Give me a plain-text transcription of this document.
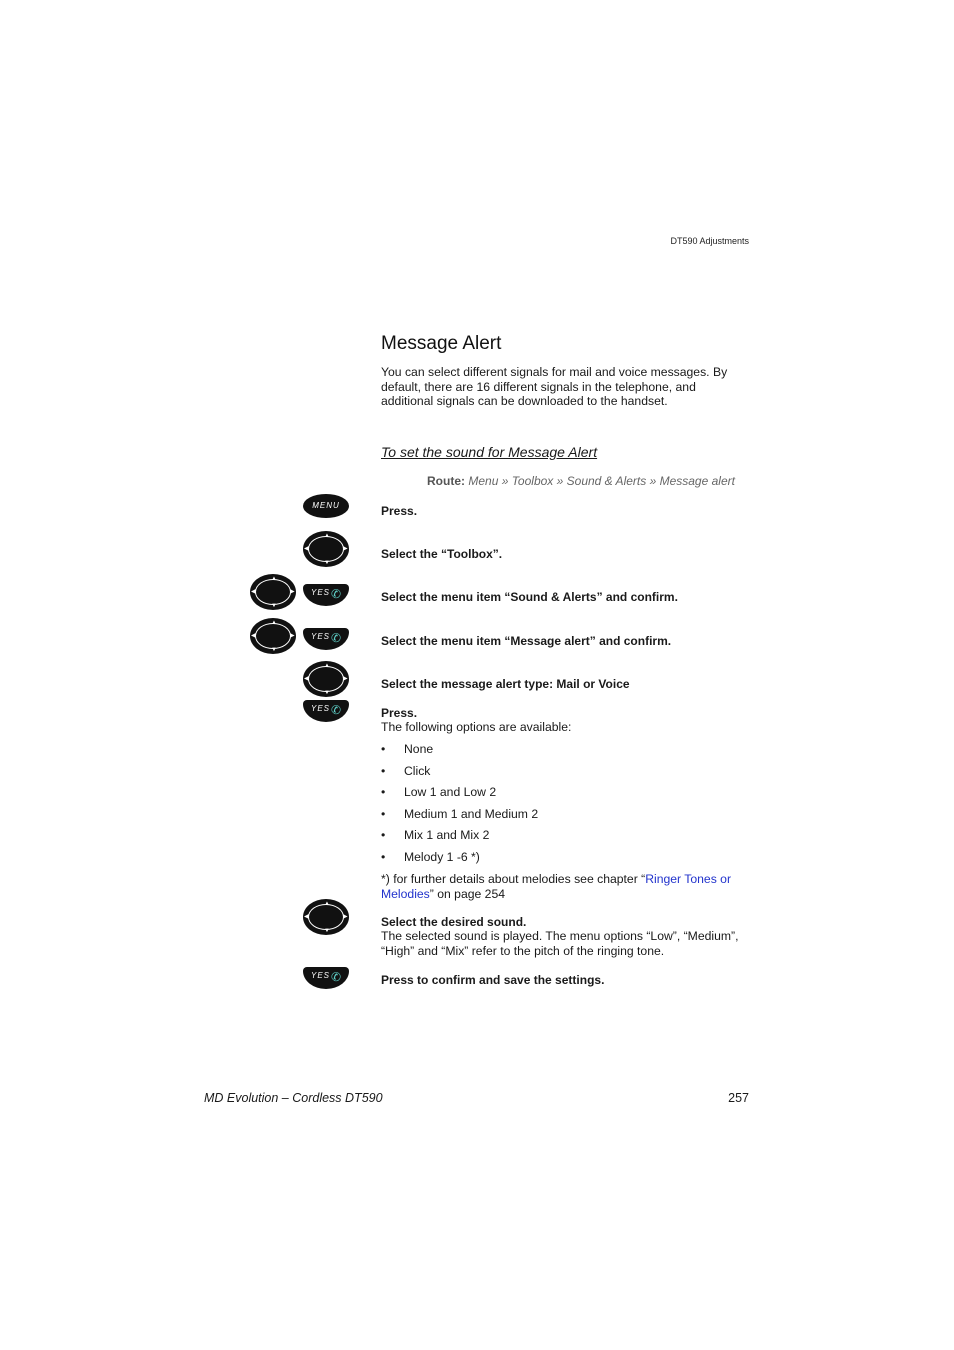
DT590 Adjustments
Message Alert
You can select different signals for mail and voice messages. By default, there are 16 different signals in the telephone, and additional signals can be downloaded to the handset.
To set the sound for Message Alert
Route: Menu » Toolbox » Sound & Alerts » Message alert
MENU	Press.
▲
▼
◀	▶	Select the “Toolbox”.
▲
▼
◀	▶ YES ✆	Select the menu item “Sound & Alerts” and confirm.
▲
▼
◀	▶ YES ✆	Select the menu item “Message alert” and confirm.
▲
▼
◀	▶	Select the message alert type: Mail or Voice
YES ✆	Press.
The following options are available:
• None
• Click
• Low 1 and Low 2
• Medium 1 and Medium 2
• Mix 1 and Mix 2
• Melody 1 -6 *)
*) for further details about melodies see chapter “Ringer Tones or Melodies” on page 254
▲
▼
◀	▶	Select the desired sound.
The selected sound is played. The menu options “Low”, “Medium”, “High” and “Mix” refer to the pitch of the ringing tone.
YES ✆	Press to confirm and save the settings.
MD Evolution – Cordless DT590	257
